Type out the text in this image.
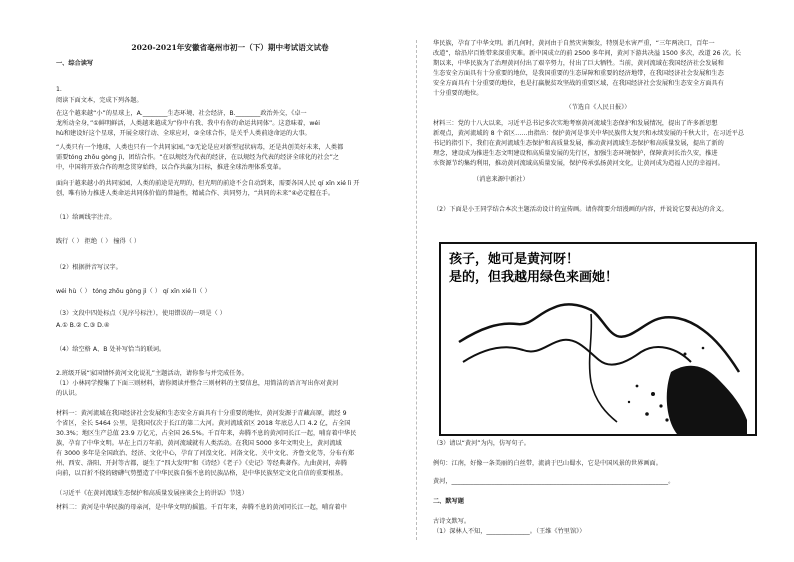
2020-2021年安徽省亳州市初一（下）期中考试语文试卷

一、综合读写

1.

阅读下面文本，完成下列各题。

在这个越来越“小”的星球上，A.________生态环境、社会经济，B.________政治外交，《卓一

龙所动全身，”①鲜明鲜活，人类越来越成为“你中有我、我中有你的命运共同体”。这意味着，wéi

hù和建设好这个星球，开展全球行动、全球应对，②全球合作，是关乎人类前途命运的大事。

“人类只有一个地球，人类也只有一个共同家园。”③无论是应对新型冠状病毒，还是共创美好未来，人类都

需要tóng zhōu gòng jì，团结合作。“在以规经为代表的经济，在以规经为代表的经济全球化的社会”之

中，中国将开放合作的理念贯穿始终，以合作共赢为目标，推进全球治理体系变革。

面向于越来越小的共同家园，人类的前途是光明的，但光明的前途不会自动到来，需要各国人民 qí xīn xié lì 开

创，唯有协力推进人类命运共同体价值的普遍性，精诚合作、共同努力，“共同的未来”④必定握在手。

（1）给画线字注音。

践行（ ） 拒绝（ ） 撞得（ ）

（2）根据拼音写汉字。

wéi hù（ ） tóng zhōu gòng jì（ ） qí xīn xié lì（ ）

（3）文段中四处标点（见序号标注），使用错误的一项是（ ）

A.① B.② C.③ D.④

（4）给空格 A、B 处补写恰当的联词。

2.班级开展“家国情怀黄河文化说礼”主题活动，请你参与并完成任务。

（1）小林同学搜集了下面三则材料，请你阅读并整合三则材料的主要信息，用简洁的语言写出你对黄河

的认识。

材料一：黄河流域在我国经济社会发展和生态安全方面具有十分重要的地位，黄河发源于青藏高原，流经 9

个省区，全长 5464 公里，是我国仅次于长江的第二大河。黄河流域省区 2018 年底总人口 4.2 亿，占全国

30.3%；地区生产总值 23.9 万亿元，占全国 26.5%。千百年来，奔腾不息的黄河同长江一起，哺育着中华民

族，孕育了中华文明。早在上百万年前，黄河流域就有人类活动。在我国 5000 多年文明史上，黄河流域

有 3000 多年是全国政治、经济、文化中心，孕育了河湟文化、河洛文化、关中文化、齐鲁文化等，分布有郑

州、西安、洛阳、开封等古都，诞生了“四大发明”和《诗经》《老子》《史记》等经典著作。九曲黄河，奔腾

向前，以百折不挠的磅礴气势塑造了中华民族自强不息的民族品格，是中华民族坚定文化自信的重要根基。

（习近平《在黄河流域生态保护和高质量发展座谈会上的讲话》节选）

材料二：黄河是中华民族的母亲河，是中华文明的摇篮。千百年来，奔腾不息的黄河同长江一起，哺育着中

华民族，孕育了中华文明。新几何时，黄河由于自然灾害频发，特别是水害严重，“三年两决口，百年一

改道”，给沿岸百姓带来深重灾难。新中国成立的前 2500 多年间，黄河下游共决溢 1500 多次，改道 26 次。长

期以来，中华民族为了治理黄河付出了艰辛努力，付出了巨大牺牲。当前，黄河流域在我国经济社会发展和

生态安全方面具有十分重要的地位，是我国重要的生态屏障和重要的经济地带，在我国经济社会发展和生态

安全方面具有十分重要的地位，也是打赢脱贫攻坚战的重要区域，在我国经济社会发展和生态安全方面具有

十分重要的地位。

（节选自《人民日报》）

材料三：党的十八大以来，习近平总书记多次实地考察黄河流域生态保护和发展情况，提出了许多新思想

新观点，黄河流域的 8 个省区……由指出：保护黄河是事关中华民族伟大复兴和永续发展的千秋大计，在习近平总

书记的指引下，我们在黄河流域生态保护和高质量发展，推动黄河流域生态保护和高质量发展，提出了新的

理念，建设成为推进生态文明建设和高质量发展的先行区，加强生态环境保护，保障黄河长治久安，推进

水资源节约集约利用，推动黄河流域高质量发展，保护传承弘扬黄河文化，让黄河成为造福人民的幸福河。

（消息来源中新社）

（2）下面是小王同学结合本次主题活动设计的宣传画。请你简要介绍漫画的内容，并说说它要表达的含义。

孩子，她可是黄河呀！
是的，但我越用绿色来画她！

（3）请以“黄河”为内，仿写句子。

例句：江南，好像一条美丽的白丝带，流淌于巴山蜀水，它是中国风景的世界画面。

黄河，______________________________________________________________________。

二、默写题

古诗文默写。

（1）深林人不知，______________。（王维《竹里馆》）
